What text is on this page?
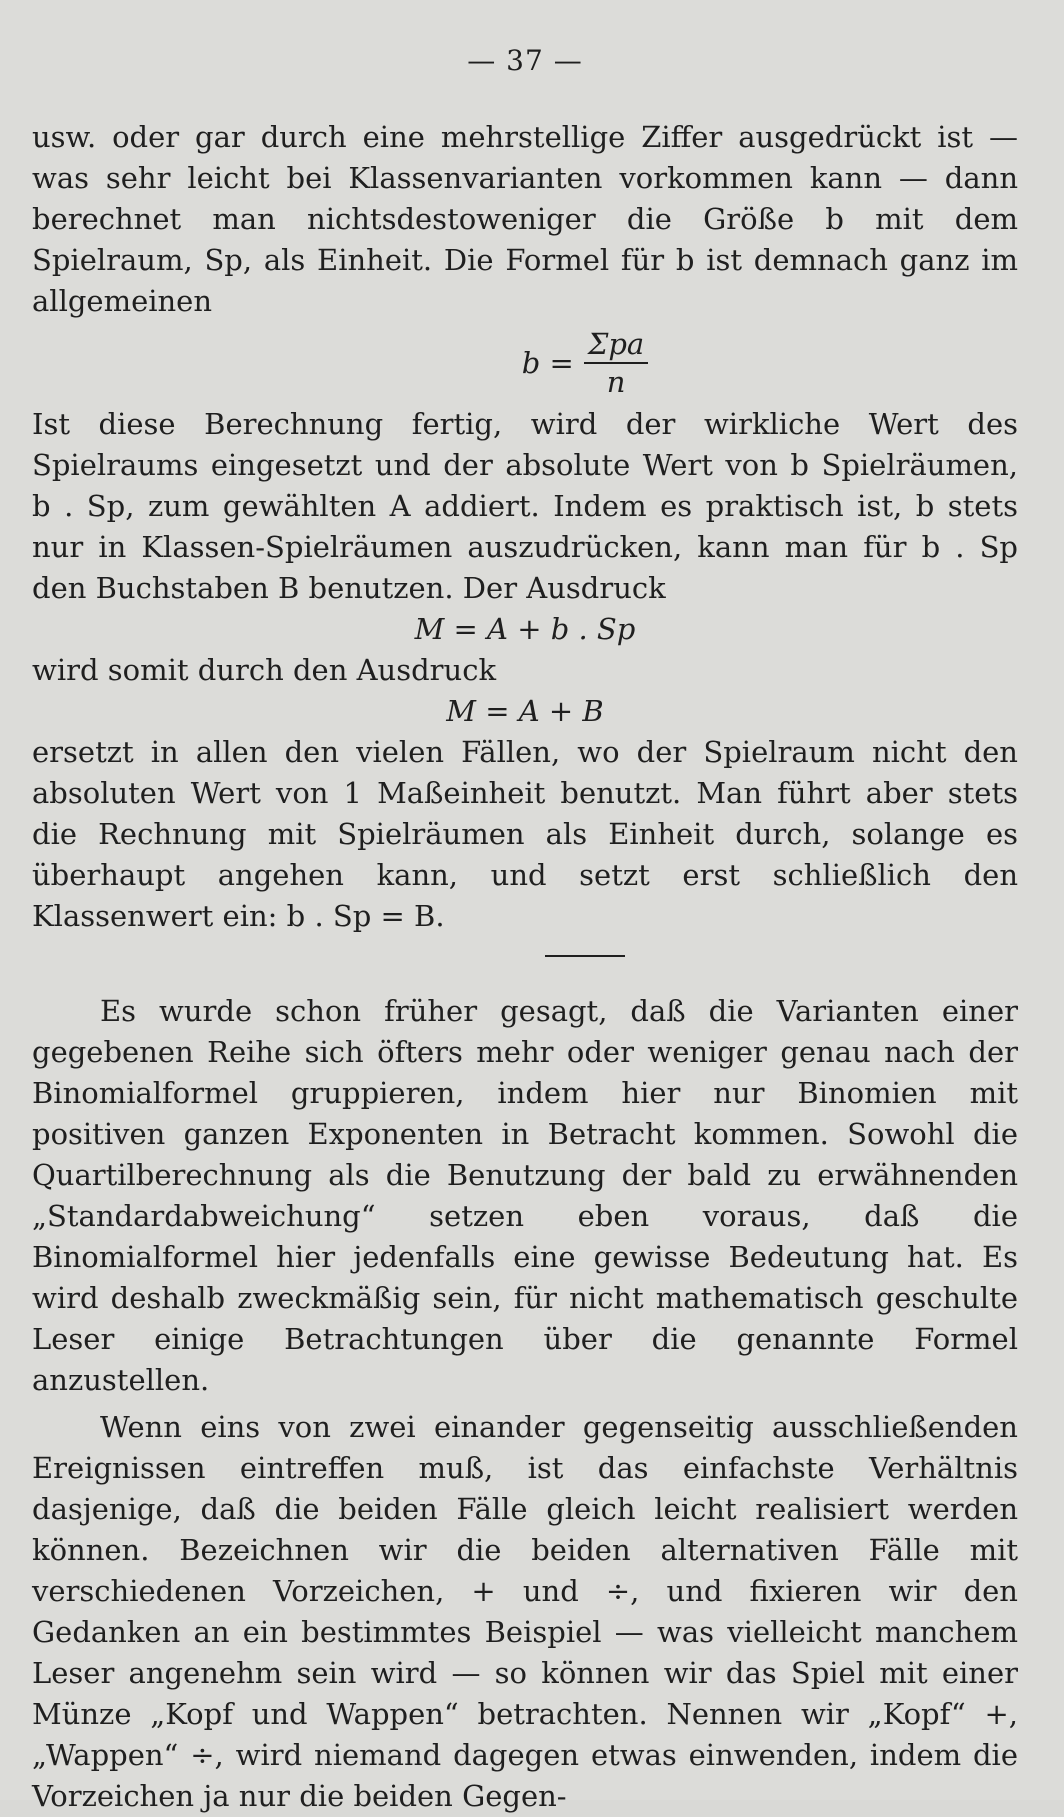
— 37 —

usw. oder gar durch eine mehrstellige Ziffer ausgedrückt ist — was sehr leicht bei Klassenvarianten vorkommen kann — dann berechnet man nichtsdestoweniger die Größe b mit dem Spielraum, Sp, als Einheit. Die Formel für b ist demnach ganz im allgemeinen

$b = \frac{\text{Σpa}}{n}$

Ist diese Berechnung fertig, wird der wirkliche Wert des Spielraums eingesetzt und der absolute Wert von b Spielräumen, b . Sp, zum gewählten A addiert. Indem es praktisch ist, b stets nur in Klassen-Spielräumen auszudrücken, kann man für b . Sp den Buchstaben B benutzen. Der Ausdruck

M = A + b . Sp

wird somit durch den Ausdruck

M = A + B

ersetzt in allen den vielen Fällen, wo der Spielraum nicht den absoluten Wert von 1 Maßeinheit benutzt. Man führt aber stets die Rechnung mit Spielräumen als Einheit durch, solange es überhaupt angehen kann, und setzt erst schließlich den Klassenwert ein: b . Sp = B.

Es wurde schon früher gesagt, daß die Varianten einer gegebenen Reihe sich öfters mehr oder weniger genau nach der Binomialformel gruppieren, indem hier nur Binomien mit positiven ganzen Exponenten in Betracht kommen. Sowohl die Quartilberechnung als die Benutzung der bald zu erwähnenden „Standardabweichung“ setzen eben voraus, daß die Binomialformel hier jedenfalls eine gewisse Bedeutung hat. Es wird deshalb zweckmäßig sein, für nicht mathematisch geschulte Leser einige Betrachtungen über die genannte Formel anzustellen.

Wenn eins von zwei einander gegenseitig ausschließenden Ereignissen eintreffen muß, ist das einfachste Verhältnis dasjenige, daß die beiden Fälle gleich leicht realisiert werden können. Bezeichnen wir die beiden alternativen Fälle mit verschiedenen Vorzeichen, + und ÷, und fixieren wir den Gedanken an ein bestimmtes Beispiel — was vielleicht manchem Leser angenehm sein wird — so können wir das Spiel mit einer Münze „Kopf und Wappen“ betrachten. Nennen wir „Kopf“ +, „Wappen“ ÷, wird niemand dagegen etwas einwenden, indem die Vorzeichen ja nur die beiden Gegen-
